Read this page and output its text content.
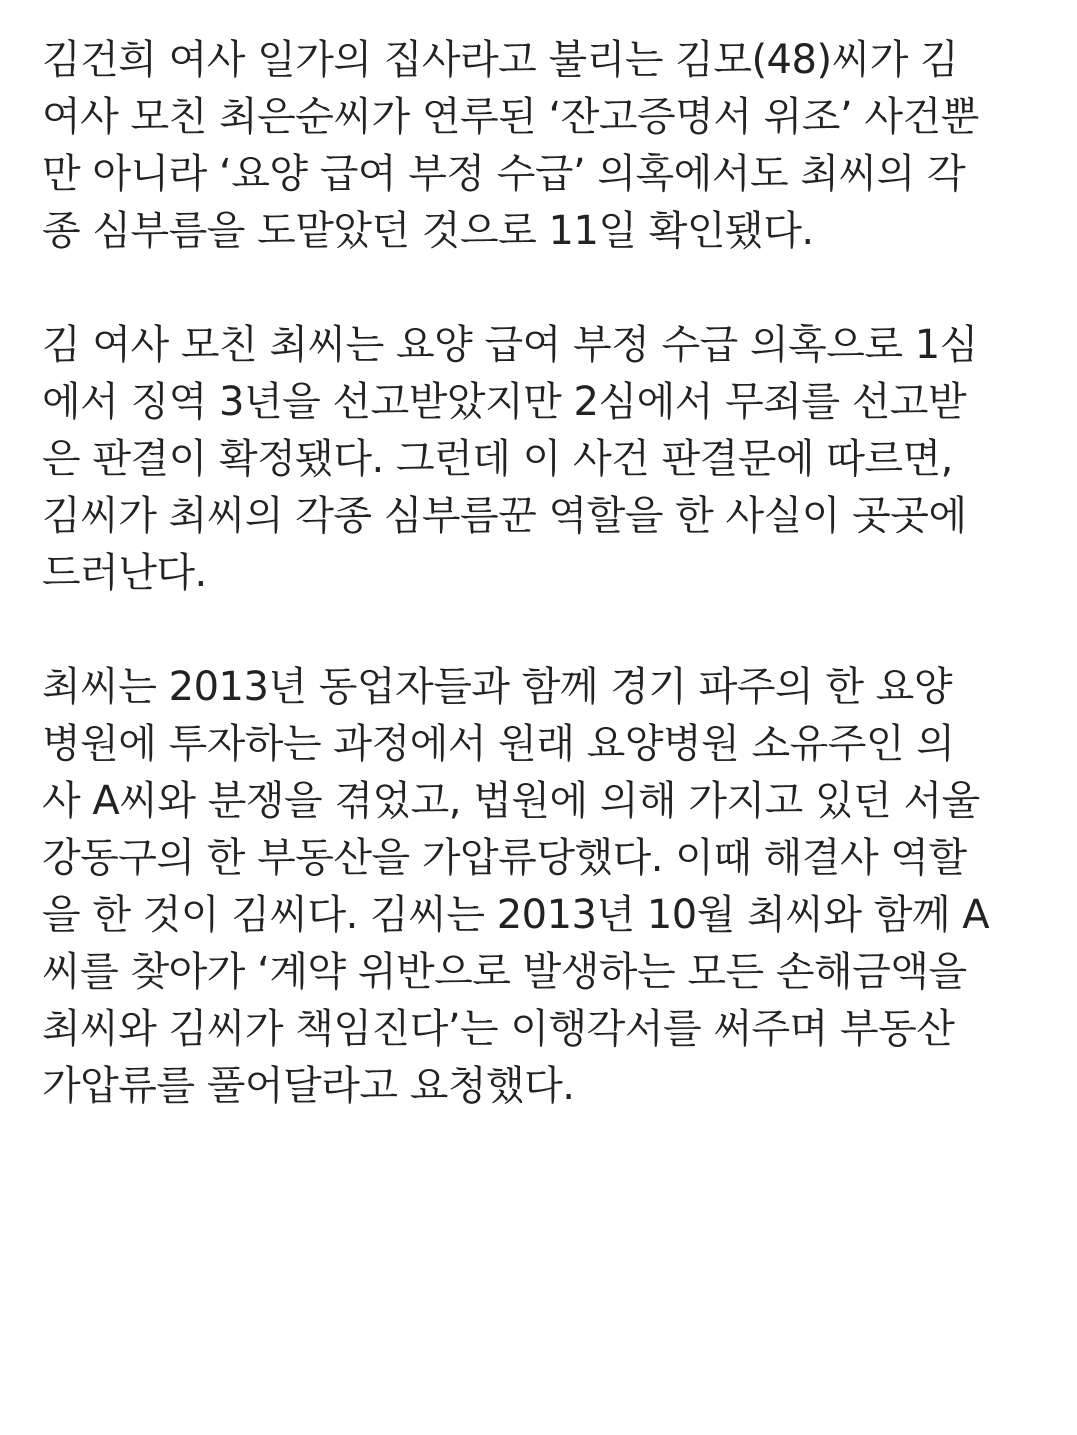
김건희 여사 일가의 집사라고 불리는 김모(48)씨가 김
여사 모친 최은순씨가 연루된 ‘잔고증명서 위조’ 사건뿐
만 아니라 ‘요양 급여 부정 수급’ 의혹에서도 최씨의 각
종 심부름을 도맡았던 것으로 11일 확인됐다.

김 여사 모친 최씨는 요양 급여 부정 수급 의혹으로 1심
에서 징역 3년을 선고받았지만 2심에서 무죄를 선고받
은 판결이 확정됐다. 그런데 이 사건 판결문에 따르면,
김씨가 최씨의 각종 심부름꾼 역할을 한 사실이 곳곳에
드러난다.

최씨는 2013년 동업자들과 함께 경기 파주의 한 요양
병원에 투자하는 과정에서 원래 요양병원 소유주인 의
사 A씨와 분쟁을 겪었고, 법원에 의해 가지고 있던 서울
강동구의 한 부동산을 가압류당했다. 이때 해결사 역할
을 한 것이 김씨다. 김씨는 2013년 10월 최씨와 함께 A
씨를 찾아가 ‘계약 위반으로 발생하는 모든 손해금액을
최씨와 김씨가 책임진다’는 이행각서를 써주며 부동산
가압류를 풀어달라고 요청했다.
